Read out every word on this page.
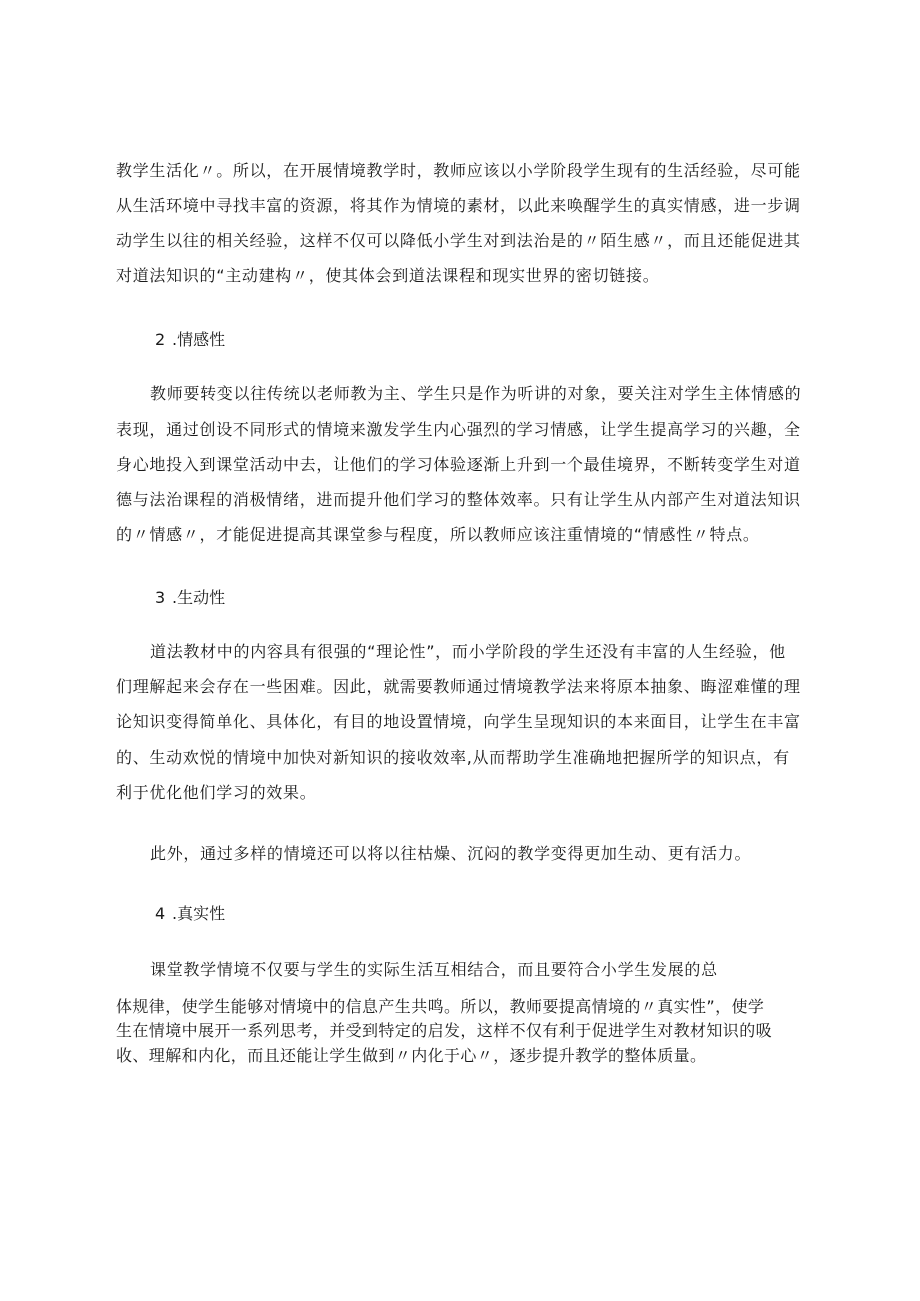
教学生活化〃。所以，在开展情境教学时，教师应该以小学阶段学生现有的生活经验，尽可能
从生活环境中寻找丰富的资源，将其作为情境的素材，以此来唤醒学生的真实情感，进一步调
动学生以往的相关经验，这样不仅可以降低小学生对到法治是的〃陌生感〃，而且还能促进其
对道法知识的“主动建构〃，使其体会到道法课程和现实世界的密切链接。
2 .情感性
教师要转变以往传统以老师教为主、学生只是作为听讲的对象，要关注对学生主体情感的
表现，通过创设不同形式的情境来激发学生内心强烈的学习情感，让学生提高学习的兴趣，全
身心地投入到课堂活动中去，让他们的学习体验逐渐上升到一个最佳境界，不断转变学生对道
德与法治课程的消极情绪，进而提升他们学习的整体效率。只有让学生从内部产生对道法知识
的〃情感〃，才能促进提高其课堂参与程度，所以教师应该注重情境的“情感性〃特点。
3 .生动性
道法教材中的内容具有很强的“理论性”，而小学阶段的学生还没有丰富的人生经验，他
们理解起来会存在一些困难。因此，就需要教师通过情境教学法来将原本抽象、晦涩难懂的理
论知识变得简单化、具体化，有目的地设置情境，向学生呈现知识的本来面目，让学生在丰富
的、生动欢悦的情境中加快对新知识的接收效率,从而帮助学生准确地把握所学的知识点，有
利于优化他们学习的效果。
此外，通过多样的情境还可以将以往枯燥、沉闷的教学变得更加生动、更有活力。
4 .真实性
课堂教学情境不仅要与学生的实际生活互相结合，而且要符合小学生发展的总
体规律，使学生能够对情境中的信息产生共鸣。所以，教师要提高情境的〃真实性”，使学
生在情境中展开一系列思考，并受到特定的启发，这样不仅有利于促进学生对教材知识的吸
收、理解和内化，而且还能让学生做到〃内化于心〃，逐步提升教学的整体质量。
